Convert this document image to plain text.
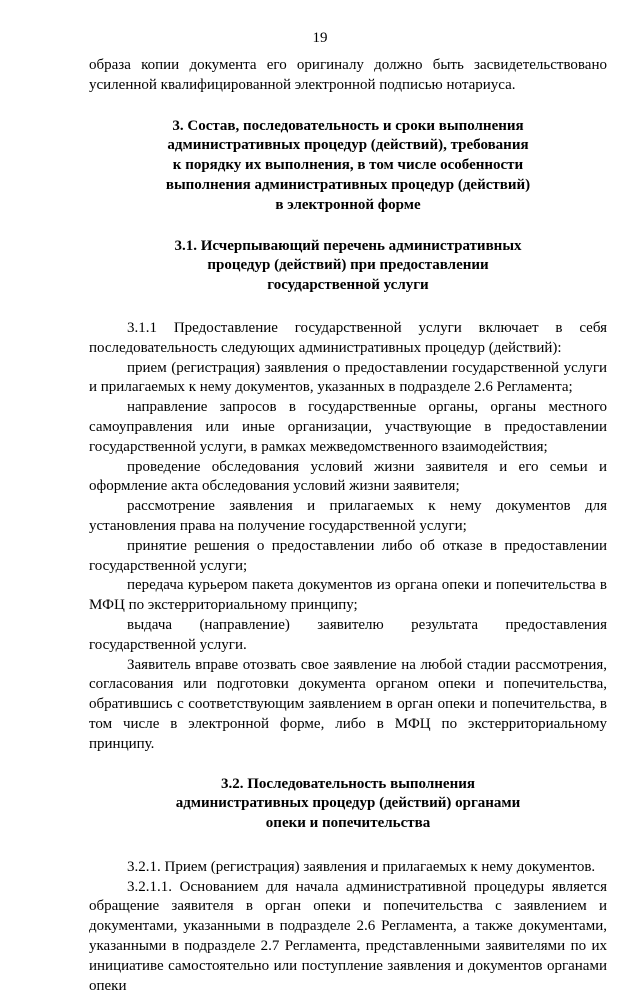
19

образа копии документа его оригиналу должно быть засвидетельствовано усиленной квалифицированной электронной подписью нотариуса.

3. Состав, последовательность и сроки выполнения
административных процедур (действий), требования
к порядку их выполнения, в том числе особенности
выполнения административных процедур (действий)
в электронной форме
3.1. Исчерпывающий перечень административных
процедур (действий) при предоставлении
государственной услуги

3.1.1 Предоставление государственной услуги включает в себя последовательность следующих административных процедур (действий):

прием (регистрация) заявления о предоставлении государственной услуги и прилагаемых к нему документов, указанных в подразделе 2.6 Регламента;

направление запросов в государственные органы, органы местного самоуправления или иные организации, участвующие в предоставлении государственной услуги, в рамках межведомственного взаимодействия;

проведение обследования условий жизни заявителя и его семьи и оформление акта обследования условий жизни заявителя;

рассмотрение заявления и прилагаемых к нему документов для установления права на получение государственной услуги;

принятие решения о предоставлении либо об отказе в предоставлении государственной услуги;

передача курьером пакета документов из органа опеки и попечительства в МФЦ по экстерриториальному принципу;

выдача (направление) заявителю результата предоставления государственной услуги.

Заявитель вправе отозвать свое заявление на любой стадии рассмотрения, согласования или подготовки документа органом опеки и попечительства, обратившись с соответствующим заявлением в орган опеки и попечительства, в том числе в электронной форме, либо в МФЦ по экстерриториальному принципу.

3.2. Последовательность выполнения
административных процедур (действий) органами
опеки и попечительства

3.2.1. Прием (регистрация) заявления и прилагаемых к нему документов.

3.2.1.1. Основанием для начала административной процедуры является обращение заявителя в орган опеки и попечительства с заявлением и документами, указанными в подразделе 2.6 Регламента, а также документами, указанными в подразделе 2.7 Регламента, представленными заявителями по их инициативе самостоятельно или поступление заявления и документов органами опеки
